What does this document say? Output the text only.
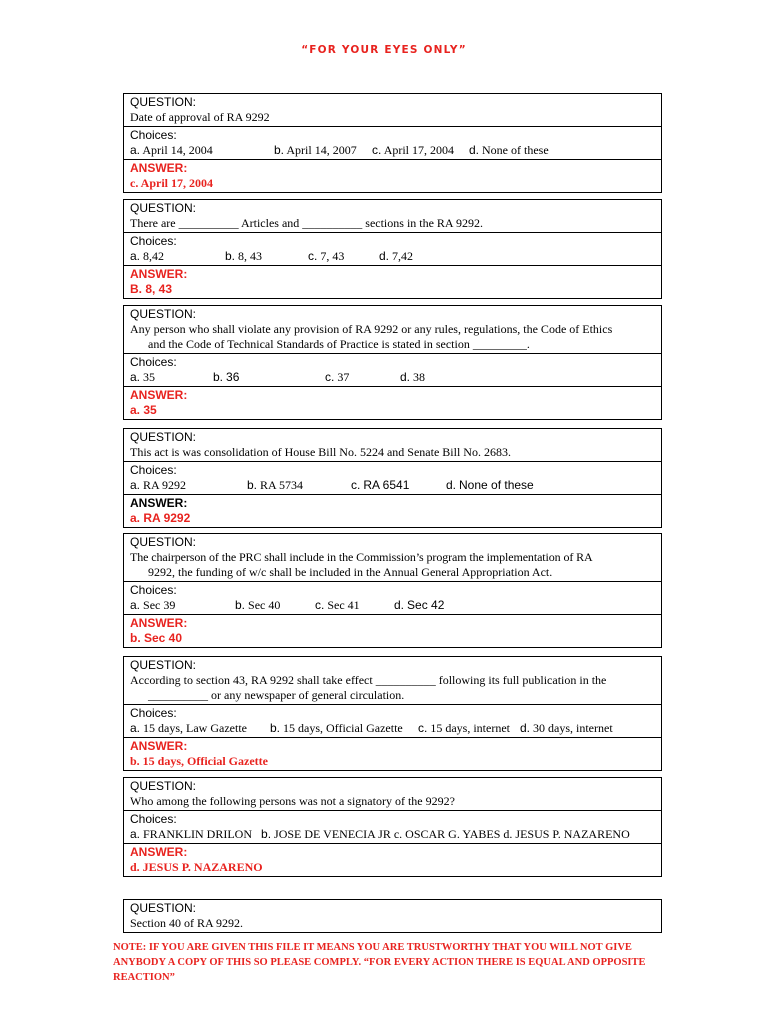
“FOR YOUR EYES ONLY”
QUESTION:
Date of approval of RA 9292
Choices:
a. April 14, 2004	b. April 14, 2007 c. April 17, 2004 d. None of these
ANSWER:
c. April 17, 2004
QUESTION:
There are __________ Articles and __________ sections in the RA 9292.
Choices:
a. 8,42	b. 8, 43	c. 7, 43	d. 7,42
ANSWER:
B. 8, 43
QUESTION:
Any person who shall violate any provision of RA 9292 or any rules, regulations, the Code of Ethics
and the Code of Technical Standards of Practice is stated in section _________.
Choices:
a. 35	b. 36	c. 37	d. 38
ANSWER:
a. 35
QUESTION:
This act is was consolidation of House Bill No. 5224 and Senate Bill No. 2683.
Choices:
a. RA 9292	b. RA 5734	c. RA 6541	d. None of these
ANSWER:
a. RA 9292
QUESTION:
The chairperson of the PRC shall include in the Commission’s program the implementation of RA
9292, the funding of w/c shall be included in the Annual General Appropriation Act.
Choices:
a. Sec 39	b. Sec 40	c. Sec 41	d. Sec 42
ANSWER:
b. Sec 40
QUESTION:
According to section 43, RA 9292 shall take effect __________ following its full publication in the
__________ or any newspaper of general circulation.
Choices:
a. 15 days, Law Gazette b. 15 days, Official Gazette c. 15 days, internet d. 30 days, internet
ANSWER:
b. 15 days, Official Gazette
QUESTION:
Who among the following persons was not a signatory of the 9292?
Choices:
a. FRANKLIN DRILON b. JOSE DE VENECIA JR c. OSCAR G. YABES d. JESUS P. NAZARENO
ANSWER:
d. JESUS P. NAZARENO
QUESTION:
Section 40 of RA 9292.
NOTE: IF YOU ARE GIVEN THIS FILE IT MEANS YOU ARE TRUSTWORTHY THAT YOU WILL NOT GIVE ANYBODY A COPY OF THIS SO PLEASE COMPLY. “FOR EVERY ACTION THERE IS EQUAL AND OPPOSITE REACTION”
